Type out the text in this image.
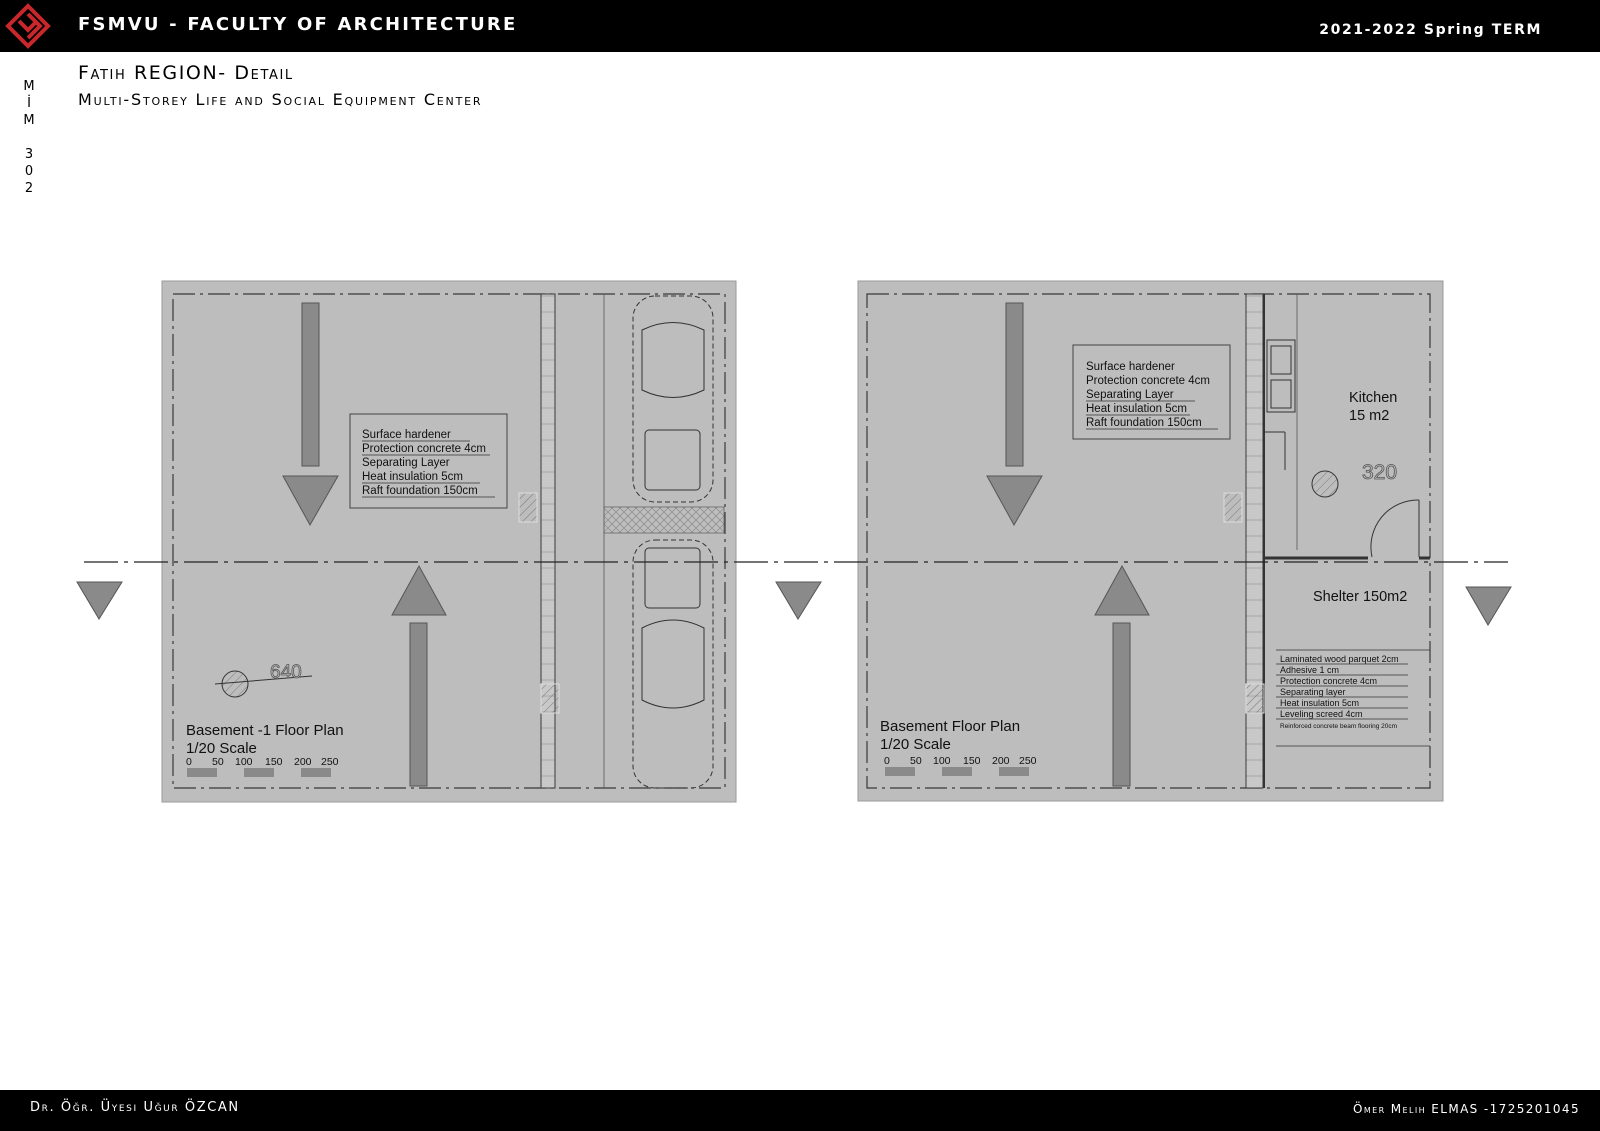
FSMVU - FACULTY OF ARCHITECTURE	2021-2022 Spring TERM
M
İ
M
3
0
2
Fatih REGION- Detail
Multi-Storey Life and Social Equipment Center
Surface hardener
Protection concrete 4cm
Separating Layer
Heat insulation 5cm
Raft foundation 150cm
640
Basement -1 Floor Plan
1/20 Scale
0 50 100 150 200 250
Surface hardener
Protection concrete 4cm
Separating Layer
Heat insulation 5cm
Raft foundation 150cm
Kitchen
15 m2
320
Shelter 150m2
Laminated wood parquet 2cm
Adhesive 1 cm
Protection concrete 4cm
Separating layer
Heat insulation 5cm
Leveling screed 4cm
Reinforced concrete beam flooring 20cm
Basement Floor Plan
1/20 Scale
0 50 100 150 200 250
Dr. Öğr. Üyesi Uğur ÖZCAN	Ömer Melih ELMAS -1725201045
